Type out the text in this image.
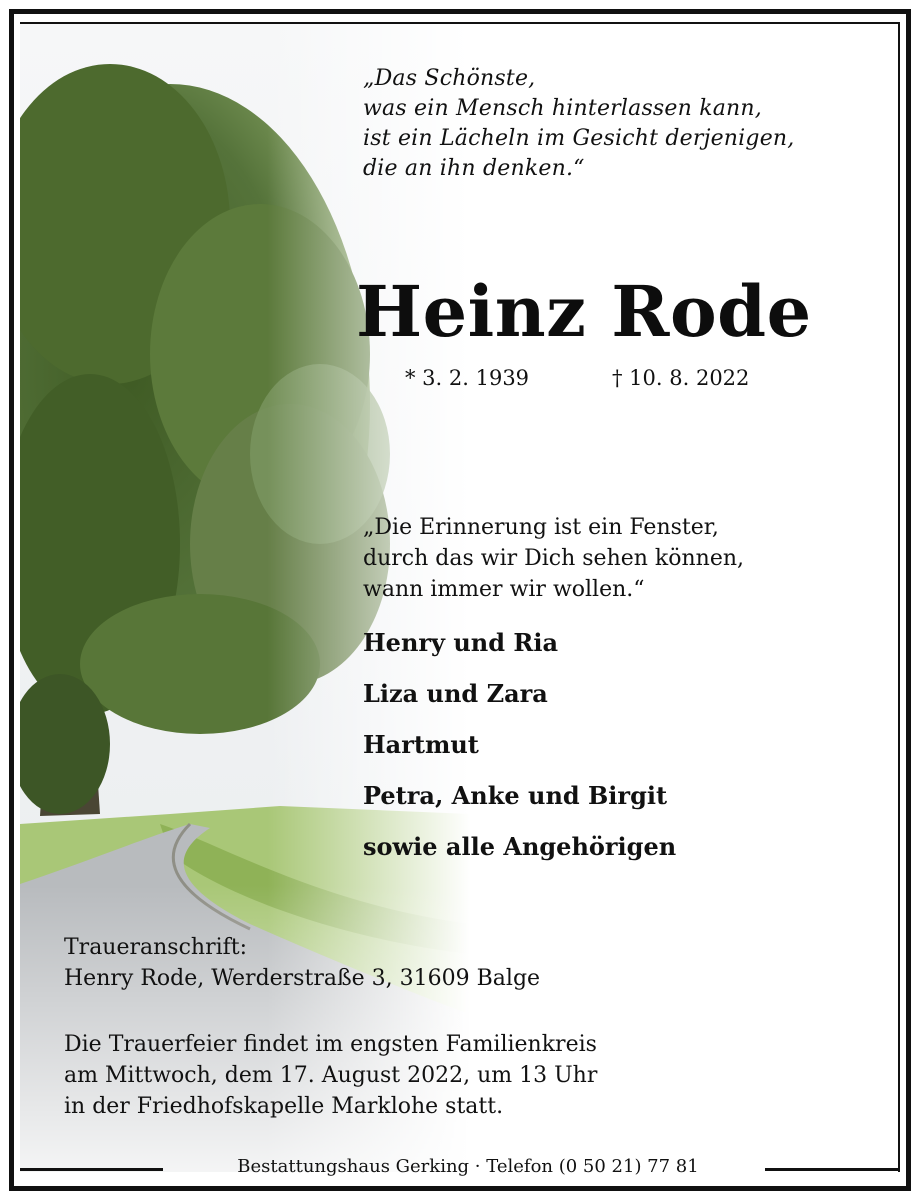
„Das Schönste,
was ein Mensch hinterlassen kann,
ist ein Lächeln im Gesicht derjenigen,
die an ihn denken.“
Heinz Rode
* 3. 2. 1939	† 10. 8. 2022
„Die Erinnerung ist ein Fenster,
durch das wir Dich sehen können,
wann immer wir wollen.“
Henry und Ria
Liza und Zara
Hartmut
Petra, Anke und Birgit
sowie alle Angehörigen
Traueranschrift:
Henry Rode, Werderstraße 3, 31609 Balge
Die Trauerfeier findet im engsten Familienkreis
am Mittwoch, dem 17. August 2022, um 13 Uhr
in der Friedhofskapelle Marklohe statt.
Bestattungshaus Gerking · Telefon (0 50 21) 77 81
